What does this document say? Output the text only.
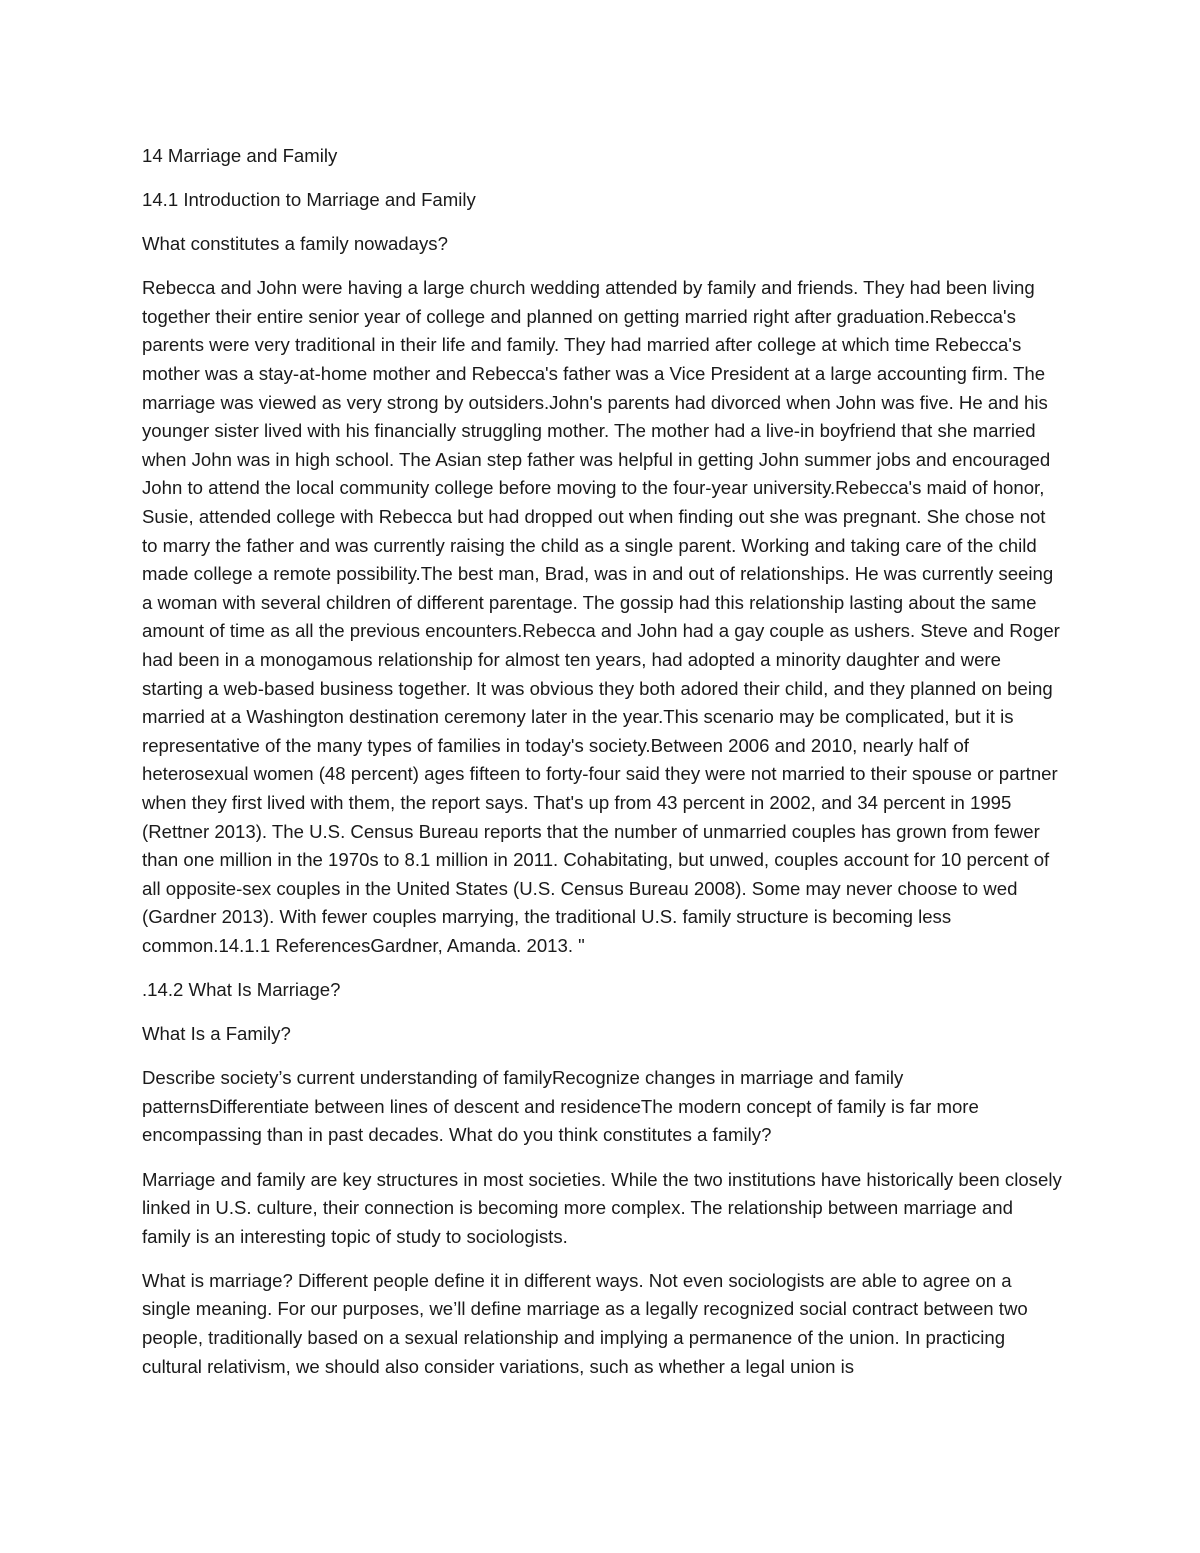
14 Marriage and Family

14.1 Introduction to Marriage and Family

What constitutes a family nowadays?

Rebecca and John were having a large church wedding attended by family and friends. They had been living together their entire senior year of college and planned on getting married right after graduation.Rebecca's parents were very traditional in their life and family. They had married after college at which time Rebecca's mother was a stay-at-home mother and Rebecca's father was a Vice President at a large accounting firm. The marriage was viewed as very strong by outsiders.John's parents had divorced when John was five. He and his younger sister lived with his financially struggling mother. The mother had a live-in boyfriend that she married when John was in high school. The Asian step father was helpful in getting John summer jobs and encouraged John to attend the local community college before moving to the four-year university.Rebecca's maid of honor, Susie, attended college with Rebecca but had dropped out when finding out she was pregnant. She chose not to marry the father and was currently raising the child as a single parent. Working and taking care of the child made college a remote possibility.The best man, Brad, was in and out of relationships. He was currently seeing a woman with several children of different parentage. The gossip had this relationship lasting about the same amount of time as all the previous encounters.Rebecca and John had a gay couple as ushers. Steve and Roger had been in a monogamous relationship for almost ten years, had adopted a minority daughter and were starting a web-based business together. It was obvious they both adored their child, and they planned on being married at a Washington destination ceremony later in the year.This scenario may be complicated, but it is representative of the many types of families in today's society.Between 2006 and 2010, nearly half of heterosexual women (48 percent) ages fifteen to forty-four said they were not married to their spouse or partner when they first lived with them, the report says. That's up from 43 percent in 2002, and 34 percent in 1995 (Rettner 2013). The U.S. Census Bureau reports that the number of unmarried couples has grown from fewer than one million in the 1970s to 8.1 million in 2011. Cohabitating, but unwed, couples account for 10 percent of all opposite-sex couples in the United States (U.S. Census Bureau 2008). Some may never choose to wed (Gardner 2013). With fewer couples marrying, the traditional U.S. family structure is becoming less common.14.1.1 ReferencesGardner, Amanda. 2013. "

.14.2 What Is Marriage?

What Is a Family?

Describe society’s current understanding of familyRecognize changes in marriage and family patternsDifferentiate between lines of descent and residenceThe modern concept of family is far more encompassing than in past decades. What do you think constitutes a family?

Marriage and family are key structures in most societies. While the two institutions have historically been closely linked in U.S. culture, their connection is becoming more complex. The relationship between marriage and family is an interesting topic of study to sociologists.

What is marriage? Different people define it in different ways. Not even sociologists are able to agree on a single meaning. For our purposes, we’ll define marriage as a legally recognized social contract between two people, traditionally based on a sexual relationship and implying a permanence of the union. In practicing cultural relativism, we should also consider variations, such as whether a legal union is
